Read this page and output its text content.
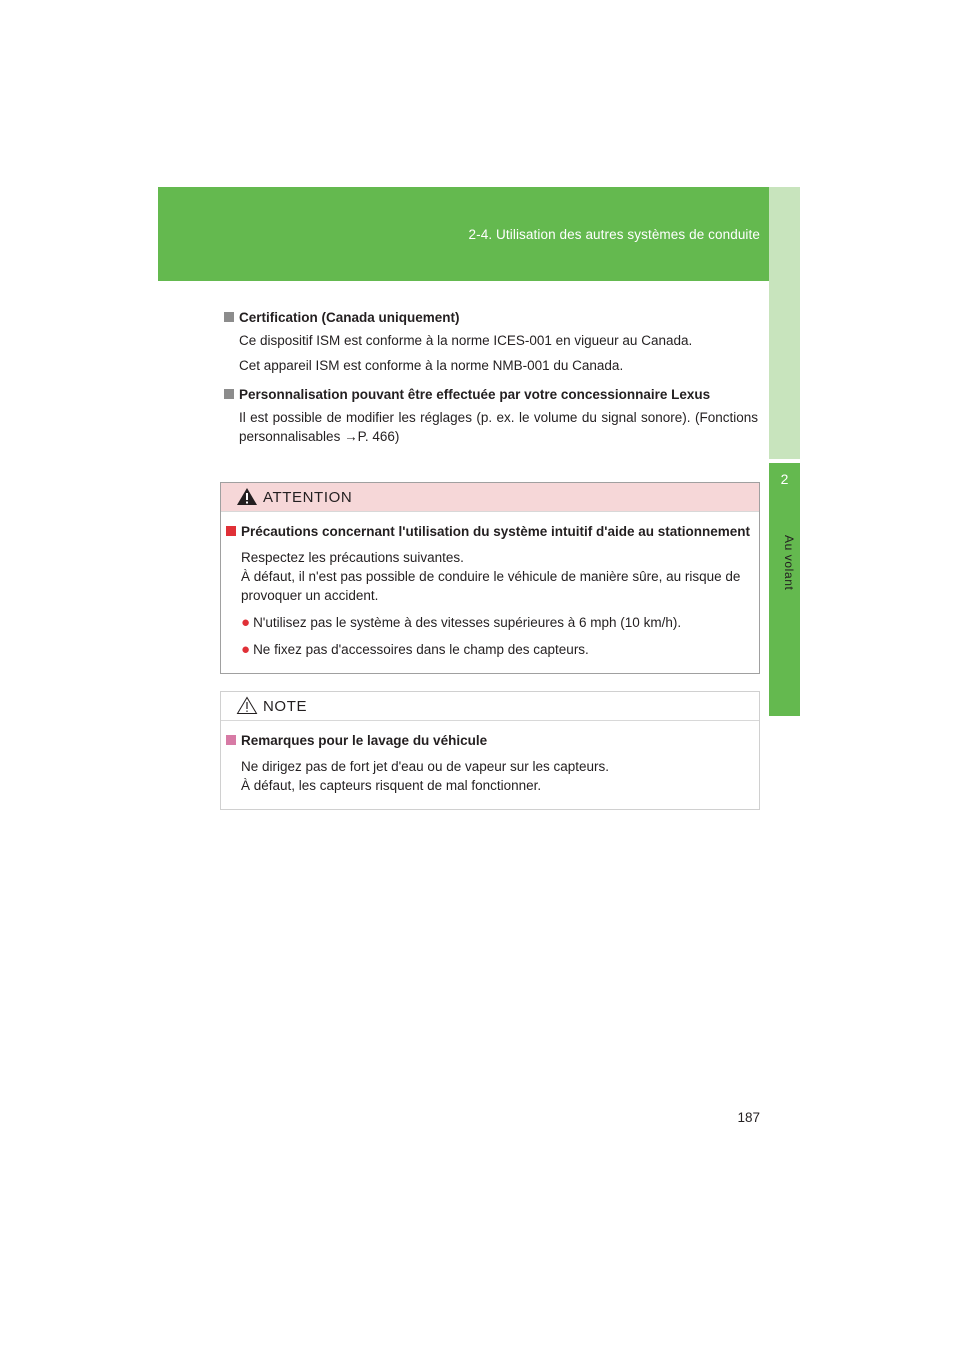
2-4. Utilisation des autres systèmes de conduite
2
Au volant
Certification (Canada uniquement)
Ce dispositif ISM est conforme à la norme ICES-001 en vigueur au Canada.
Cet appareil ISM est conforme à la norme NMB-001 du Canada.
Personnalisation pouvant être effectuée par votre concessionnaire Lexus
Il est possible de modifier les réglages (p. ex. le volume du signal sonore). (Fonctions personnalisables →P. 466)
ATTENTION
Précautions concernant l'utilisation du système intuitif d'aide au stationnement
Respectez les précautions suivantes.
À défaut, il n'est pas possible de conduire le véhicule de manière sûre, au risque de provoquer un accident.
● N'utilisez pas le système à des vitesses supérieures à 6 mph (10 km/h).
● Ne fixez pas d'accessoires dans le champ des capteurs.
NOTE
Remarques pour le lavage du véhicule
Ne dirigez pas de fort jet d'eau ou de vapeur sur les capteurs.
À défaut, les capteurs risquent de mal fonctionner.
187
